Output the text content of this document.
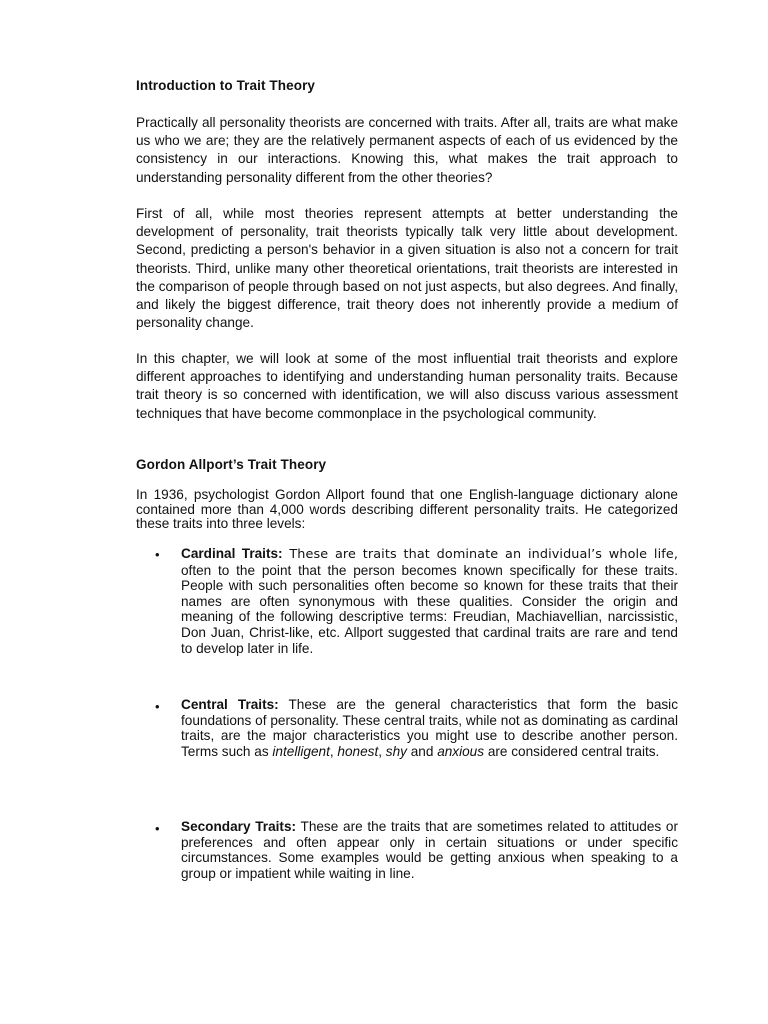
Introduction to Trait Theory

Practically all personality theorists are concerned with traits. After all, traits are what make us who we are; they are the relatively permanent aspects of each of us evidenced by the consistency in our interactions. Knowing this, what makes the trait approach to understanding personality different from the other theories?

First of all, while most theories represent attempts at better understanding the development of personality, trait theorists typically talk very little about development. Second, predicting a person's behavior in a given situation is also not a concern for trait theorists. Third, unlike many other theoretical orientations, trait theorists are interested in the comparison of people through based on not just aspects, but also degrees. And finally, and likely the biggest difference, trait theory does not inherently provide a medium of personality change.

In this chapter, we will look at some of the most influential trait theorists and explore different approaches to identifying and understanding human personality traits. Because trait theory is so concerned with identification, we will also discuss various assessment techniques that have become commonplace in the psychological community.

Gordon Allport’s Trait Theory

In 1936, psychologist Gordon Allport found that one English-language dictionary alone contained more than 4,000 words describing different personality traits. He categorized these traits into three levels:

• Cardinal Traits: These are traits that dominate an individual’s whole life, often to the point that the person becomes known specifically for these traits. People with such personalities often become so known for these traits that their names are often synonymous with these qualities. Consider the origin and meaning of the following descriptive terms: Freudian, Machiavellian, narcissistic, Don Juan, Christ-like, etc. Allport suggested that cardinal traits are rare and tend to develop later in life.

• Central Traits: These are the general characteristics that form the basic foundations of personality. These central traits, while not as dominating as cardinal traits, are the major characteristics you might use to describe another person. Terms such as intelligent, honest, shy and anxious are considered central traits.

• Secondary Traits: These are the traits that are sometimes related to attitudes or preferences and often appear only in certain situations or under specific circumstances. Some examples would be getting anxious when speaking to a group or impatient while waiting in line.
